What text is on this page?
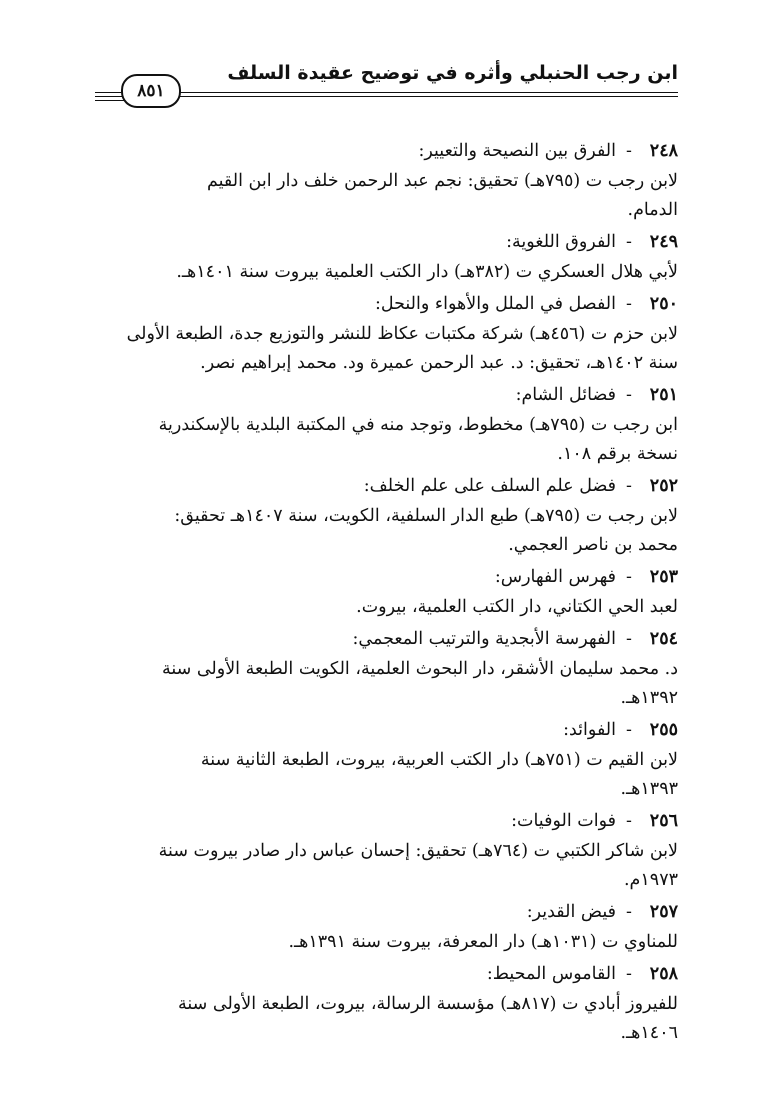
ابن رجب الحنبلي وأثره في توضيح عقيدة السلف
٨٥١
٢٤٨
-
الفرق بين النصيحة والتعيير:

لابن رجب ت (٧٩٥هـ) تحقيق: نجم عبد الرحمن خلف دار ابن القيم

الدمام.

٢٤٩
-
الفروق اللغوية:

لأبي هلال العسكري ت (٣٨٢هـ) دار الكتب العلمية بيروت سنة ١٤٠١هـ.

٢٥٠
-
الفصل في الملل والأهواء والنحل:

لابن حزم ت (٤٥٦هـ) شركة مكتبات عكاظ للنشر والتوزيع جدة، الطبعة الأولى

سنة ١٤٠٢هـ، تحقيق: د. عبد الرحمن عميرة ود. محمد إبراهيم نصر.

٢٥١
-
فضائل الشام:

ابن رجب ت (٧٩٥هـ) مخطوط، وتوجد منه في المكتبة البلدية بالإسكندرية

نسخة برقم ١٠٨.

٢٥٢
-
فضل علم السلف على علم الخلف:

لابن رجب ت (٧٩٥هـ) طبع الدار السلفية، الكويت، سنة ١٤٠٧هـ تحقيق:

محمد بن ناصر العجمي.

٢٥٣
-
فهرس الفهارس:

لعبد الحي الكتاني، دار الكتب العلمية، بيروت.

٢٥٤
-
الفهرسة الأبجدية والترتيب المعجمي:

د. محمد سليمان الأشقر، دار البحوث العلمية، الكويت الطبعة الأولى سنة

١٣٩٢هـ.

٢٥٥
-
الفوائد:

لابن القيم ت (٧٥١هـ) دار الكتب العربية، بيروت، الطبعة الثانية سنة

١٣٩٣هـ.

٢٥٦
-
فوات الوفيات:

لابن شاكر الكتبي ت (٧٦٤هـ) تحقيق: إحسان عباس دار صادر بيروت سنة

١٩٧٣م.

٢٥٧
-
فيض القدير:

للمناوي ت (١٠٣١هـ) دار المعرفة، بيروت سنة ١٣٩١هـ.

٢٥٨
-
القاموس المحيط:

للفيروز أبادي ت (٨١٧هـ) مؤسسة الرسالة، بيروت، الطبعة الأولى سنة

١٤٠٦هـ.
